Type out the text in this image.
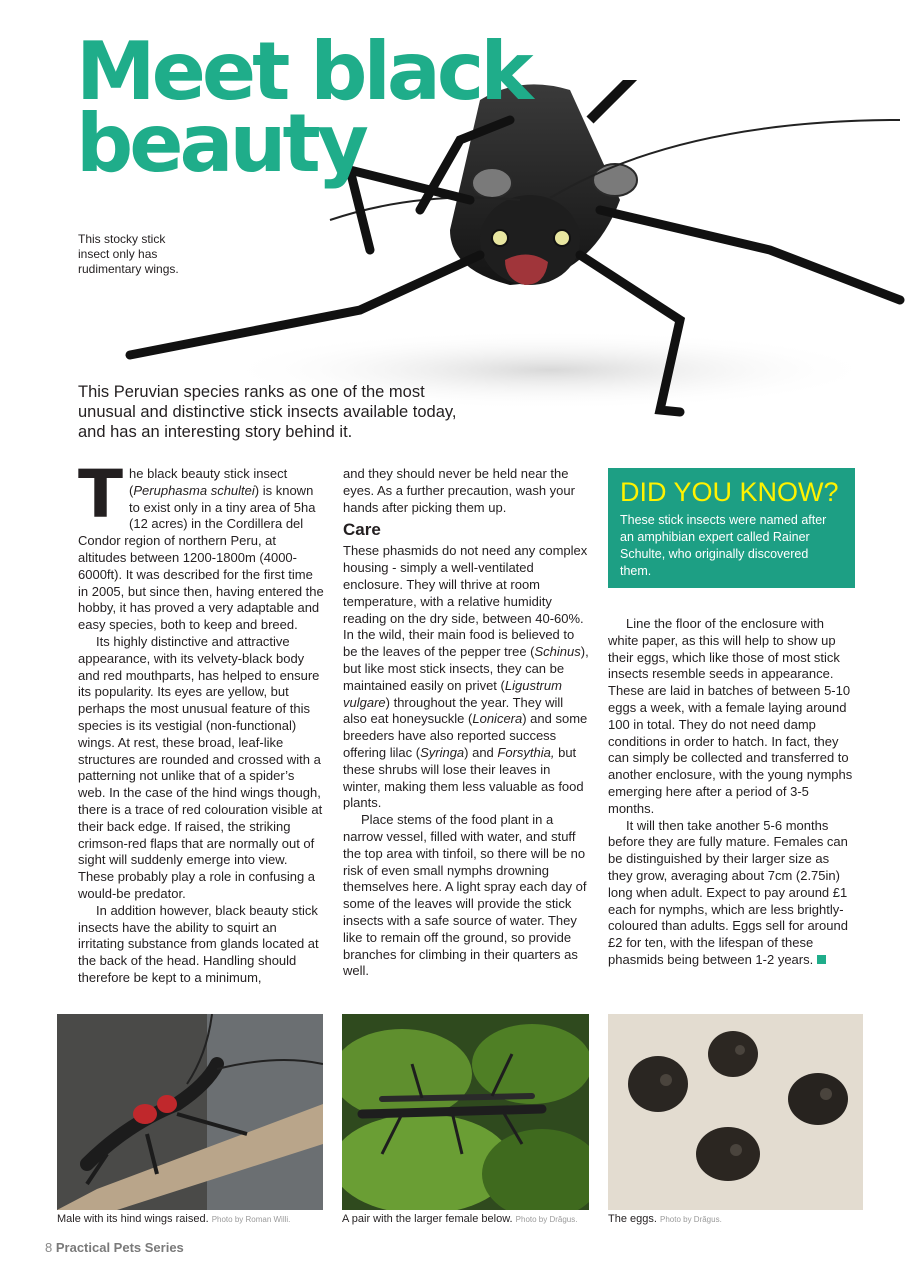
Meet black
beauty
This stocky stick
insect only has
rudimentary wings.
This Peruvian species ranks as one of the most
unusual and distinctive stick insects available today,
and has an interesting story behind it.

The black beauty stick insect (Peruphasma schultei) is known to exist only in a tiny area of 5ha (12 acres) in the Cordillera del Condor region of northern Peru, at altitudes between 1200-1800m (4000-6000ft). It was described for the first time in 2005, but since then, having entered the hobby, it has proved a very adaptable and easy species, both to keep and breed.

Its highly distinctive and attractive appearance, with its velvety-black body and red mouthparts, has helped to ensure its popularity. Its eyes are yellow, but perhaps the most unusual feature of this species is its vestigial (non-functional) wings. At rest, these broad, leaf-like structures are rounded and crossed with a patterning not unlike that of a spider’s web. In the case of the hind wings though, there is a trace of red colouration visible at their back edge. If raised, the striking crimson-red flaps that are normally out of sight will suddenly emerge into view. These probably play a role in confusing a would-be predator.

In addition however, black beauty stick insects have the ability to squirt an irritating substance from glands located at the back of the head. Handling should therefore be kept to a minimum,

and they should never be held near the eyes. As a further precaution, wash your hands after picking them up.

Care

These phasmids do not need any complex housing - simply a well-ventilated enclosure. They will thrive at room temperature, with a relative humidity reading on the dry side, between 40-60%. In the wild, their main food is believed to be the leaves of the pepper tree (Schinus), but like most stick insects, they can be maintained easily on privet (Ligustrum vulgare) throughout the year. They will also eat honeysuckle (Lonicera) and some breeders have also reported success offering lilac (Syringa) and Forsythia, but these shrubs will lose their leaves in winter, making them less valuable as food plants.

Place stems of the food plant in a narrow vessel, filled with water, and stuff the top area with tinfoil, so there will be no risk of even small nymphs drowning themselves here. A light spray each day of some of the leaves will provide the stick insects with a safe source of water. They like to remain off the ground, so provide branches for climbing in their quarters as well.

DID YOU KNOW?

These stick insects were named after an amphibian expert called Rainer Schulte, who originally discovered them.

Line the floor of the enclosure with white paper, as this will help to show up their eggs, which like those of most stick insects resemble seeds in appearance. These are laid in batches of between 5-10 eggs a week, with a female laying around 100 in total. They do not need damp conditions in order to hatch. In fact, they can simply be collected and transferred to another enclosure, with the young nymphs emerging here after a period of 3-5 months.

It will then take another 5-6 months before they are fully mature. Females can be distinguished by their larger size as they grow, averaging about 7cm (2.75in) long when adult. Expect to pay around £1 each for nymphs, which are less brightly-coloured than adults. Eggs sell for around £2 for ten, with the lifespan of these phasmids being between 1-2 years.

Male with its hind wings raised. Photo by Roman Willi.	A pair with the larger female below. Photo by Drăgus.	The eggs. Photo by Drăgus.
8 Practical Pets Series
